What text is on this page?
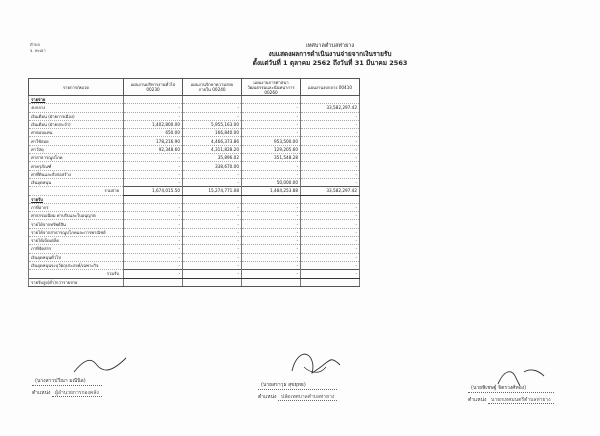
ตำบล
จ. พะเยา
เทศบาลตำบลท่ายาง
งบแสดงผลการดำเนินงานจ่ายจากเงินรายรับ
ตั้งแต่วันที่ 1 ตุลาคม 2562 ถึงวันที่ 31 มีนาคม 2563
รายการ/หมวด	แผนงานบริหารงานทั่วไป 00230	แผนงานรักษาความสงบภายใน 00240	แผนงานการศาสนา วัฒนธรรมและนันทนาการ 00260	แผนงานงบกลาง 00410
รายจ่าย				
งบกลาง	-	-	-	33,582,297.42
เงินเดือน (ฝ่ายการเมือง)	-	-	-	-
เงินเดือน (ฝ่ายประจำ)	1,402,800.00	5,955,163.00	-	-
ค่าตอบแทน	650.00	166,840.00	-	-
ค่าใช้สอย	178,216.90	4,466,373.86	953,500.00	-
ค่าวัสดุ	92,348.60	4,311,828.20	129,205.60	-
ค่าสาธารณูปโภค	-	35,896.02	351,548.28	-
ค่าครุภัณฑ์	-	338,670.00	-	-
ค่าที่ดินและสิ่งก่อสร้าง	-	-	-	-
เงินอุดหนุน	-	-	50,000.00	-
รวมจ่าย	1,674,015.50	15,274,771.08	1,484,253.88	33,582,297.42
รายรับ				
ภาษีอากร	-	-	-	-
ค่าธรรมเนียม ค่าปรับและใบอนุญาต	-	-	-	-
รายได้จากทรัพย์สิน	-	-	-	-
รายได้จากสาธารณูปโภคและการพาณิชย์	-	-	-	-
รายได้เบ็ดเตล็ด	-	-	-	-
ภาษีจัดสรร	-	-	-	-
เงินอุดหนุนทั่วไป	-	-	-	-
เงินอุดหนุนระบุวัตถุประสงค์/เฉพาะกิจ	-	-	-	-
รวมรับ	-	-	-	-
รายรับสูง(ต่ำ)กว่ารายจ่าย				
(นางสาวปวีณา มณีนิล)
ตำแหน่ง ผู้อำนวยการกองคลัง
(นายสราวุธ สุขยุทธ)
ตำแหน่ง ปลัดเทศบาลตำบลท่ายาง
(นายพิเชษฐ์ จิตรวงศ์ทอง)
ตำแหน่ง นายกเทศมนตรีตำบลท่ายาง
